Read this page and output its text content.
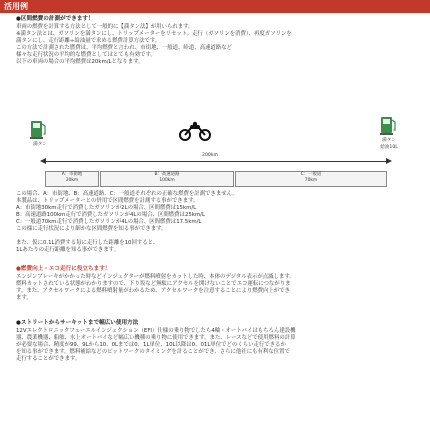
活用例

●区間燃費の計測ができます！

車両の燃費を計算する方法として一般的に【満タン法】が用いられます。

※満タン法とは、ガソリンを満タンにし、トリップメーターをリセット。走行（ガソリンを消費）、再度ガソリンを

満タンにし、走行距離÷給油量で求める燃費計算方法です。

この方法で計測された燃費は、平均燃費と言われ、市街地、一般道、峠道、高速道路など

様々な走行状況の平均的な燃費としてはとても有効です。

以下の車両の場合の平均燃費は20km/Lとなります。

満タン
満タン
給油10L
200km
A：市街地
30km
B：高速道路
100km
C：一般道
70km

この場合、A：市街地、B：高速道路、C：一般道それぞれの正確な燃費を計測できません。

本製品は、トリップメーターとの併用で区間燃費を計測する事ができます。

A：市街地30km走行で消費したガソリンが2Lの場合、区間燃費は15km/L

B：高速道路100km走行で消費したガソリンが4Lの場合、区間燃費は25km/L

C：一般道70km走行で消費したガソリンが4Lの場合、区間燃費は17.5km/L

この様に走行状況により細かな区間燃費を知る事ができます。

また、仮に0.1L消費する毎に走行した距離を10回すると、

1Lあたりの走行距離を知る事ができます。

●燃費向上・エコ走行に役立ちます！

エンジンブレーキがかかった時などインジェクターが燃料噴射をカットした時、本体のデジタル表示が点滅します。

燃料カットされている状態がわかりますので、下り坂など無駄にアクセルを開けないことでエコ運転につながりま

す。また、アクセルワークによる燃料噴射量がわかるため、アクセルワークを注意することにより燃費向上ができ

ます。

●ストリートからサーキットまで幅広い使用方法

12Vエレクトロニックフューエルインジェクション（EFI）仕様の乗り物でしたら4輪・オートバイはもちろん建設機

器、農業機器、船舶、水上オートバイなど幅広い機種の乗り物に使用できます。また、レースなどで使用燃料の計算

が必要な場合、精度が99、9Lから10、0Lまでは0、1L単位、10L以降は0、01L単位でどのくらい走行できるか

を知る事ができます。燃料補給などのピットワークのタイミングを計ることができ、さらに他社にも有利な位置で

走行することができます。
